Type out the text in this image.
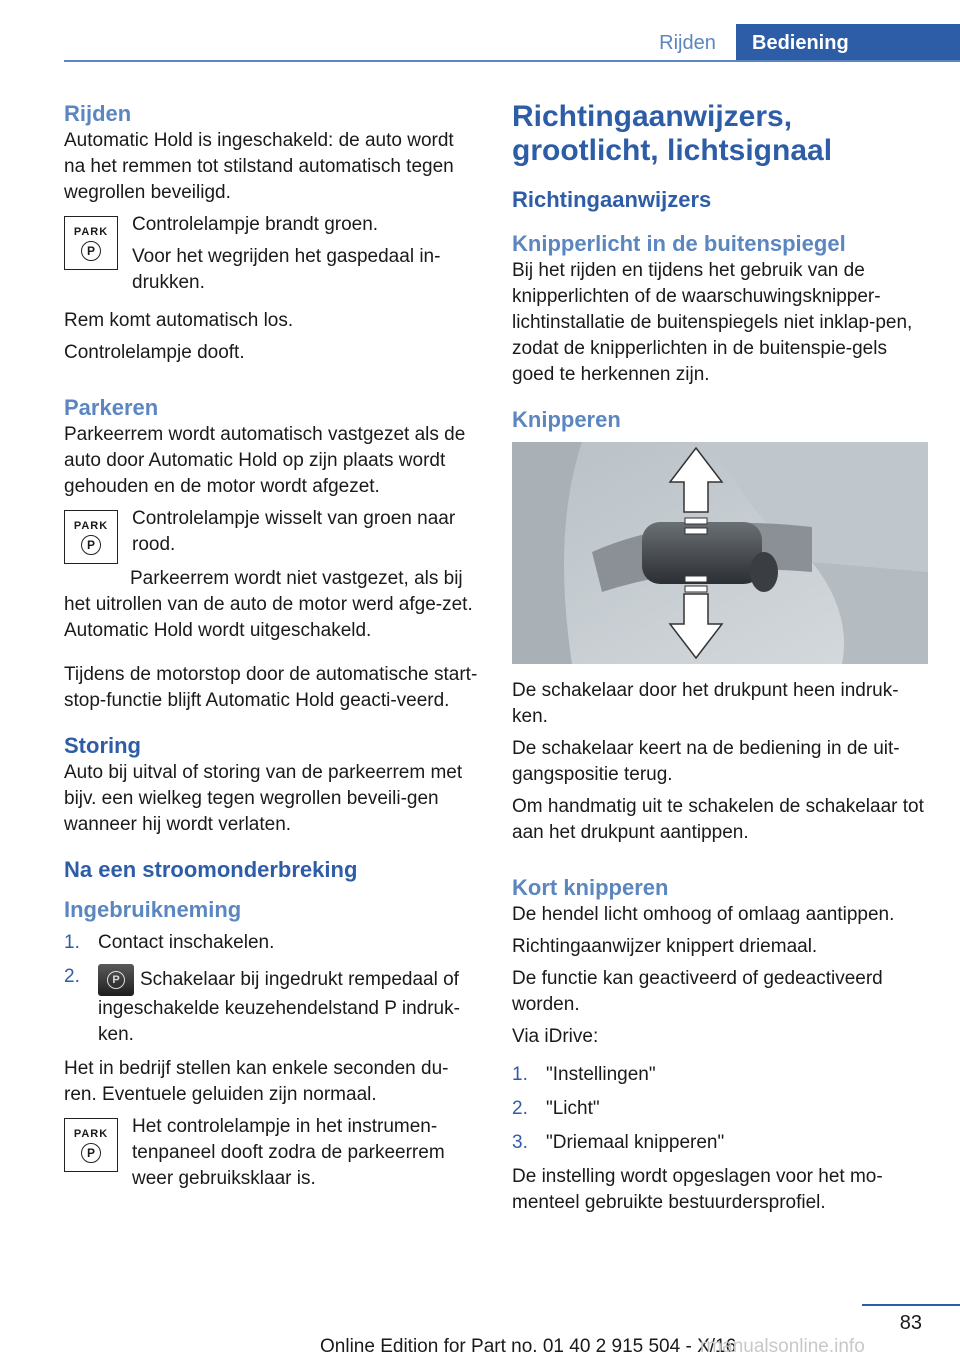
Rijden	Bediening
Rijden

Automatic Hold is ingeschakeld: de auto wordt na het remmen tot stilstand automatisch tegen wegrollen beveiligd.

PARK
P

Controlelampje brandt groen.

Voor het wegrijden het gaspedaal in-drukken.

Rem komt automatisch los.

Controlelampje dooft.

Parkeren

Parkeerrem wordt automatisch vastgezet als de auto door Automatic Hold op zijn plaats wordt gehouden en de motor wordt afgezet.

PARK
P

Controlelampje wisselt van groen naar rood.

Parkeerrem wordt niet vastgezet, als bij het uitrollen van de auto de motor werd afge-zet. Automatic Hold wordt uitgeschakeld.

Tijdens de motorstop door de automatische start-stop-functie blijft Automatic Hold geacti-veerd.

Storing

Auto bij uitval of storing van de parkeerrem met bijv. een wielkeg tegen wegrollen beveili-gen wanneer hij wordt verlaten.

Na een stroomonderbreking
Ingebruikneming
1. Contact inschakelen.
2.	P Schakelaar bij ingedrukt rempedaal of ingeschakelde keuzehendelstand P indruk-ken.

Het in bedrijf stellen kan enkele seconden du-ren. Eventuele geluiden zijn normaal.

PARK
P

Het controlelampje in het instrumen-tenpaneel dooft zodra de parkeerrem weer gebruiksklaar is.

Richtingaanwijzers, grootlicht, lichtsignaal
Richtingaanwijzers
Knipperlicht in de buitenspiegel

Bij het rijden en tijdens het gebruik van de knipperlichten of de waarschuwingsknipper-lichtinstallatie de buitenspiegels niet inklap-pen, zodat de knipperlichten in de buitenspie-gels goed te herkennen zijn.

Knipperen

De schakelaar door het drukpunt heen indruk-ken.

De schakelaar keert na de bediening in de uit-gangspositie terug.

Om handmatig uit te schakelen de schakelaar tot aan het drukpunt aantippen.

Kort knipperen

De hendel licht omhoog of omlaag aantippen.

Richtingaanwijzer knippert driemaal.

De functie kan geactiveerd of gedeactiveerd worden.

Via iDrive:

1. "Instellingen"
2. "Licht"
3. "Driemaal knipperen"

De instelling wordt opgeslagen voor het mo-menteel gebruikte bestuurdersprofiel.

83
Online Edition for Part no. 01 40 2 915 504 - X/16
rmanualsonline.info
